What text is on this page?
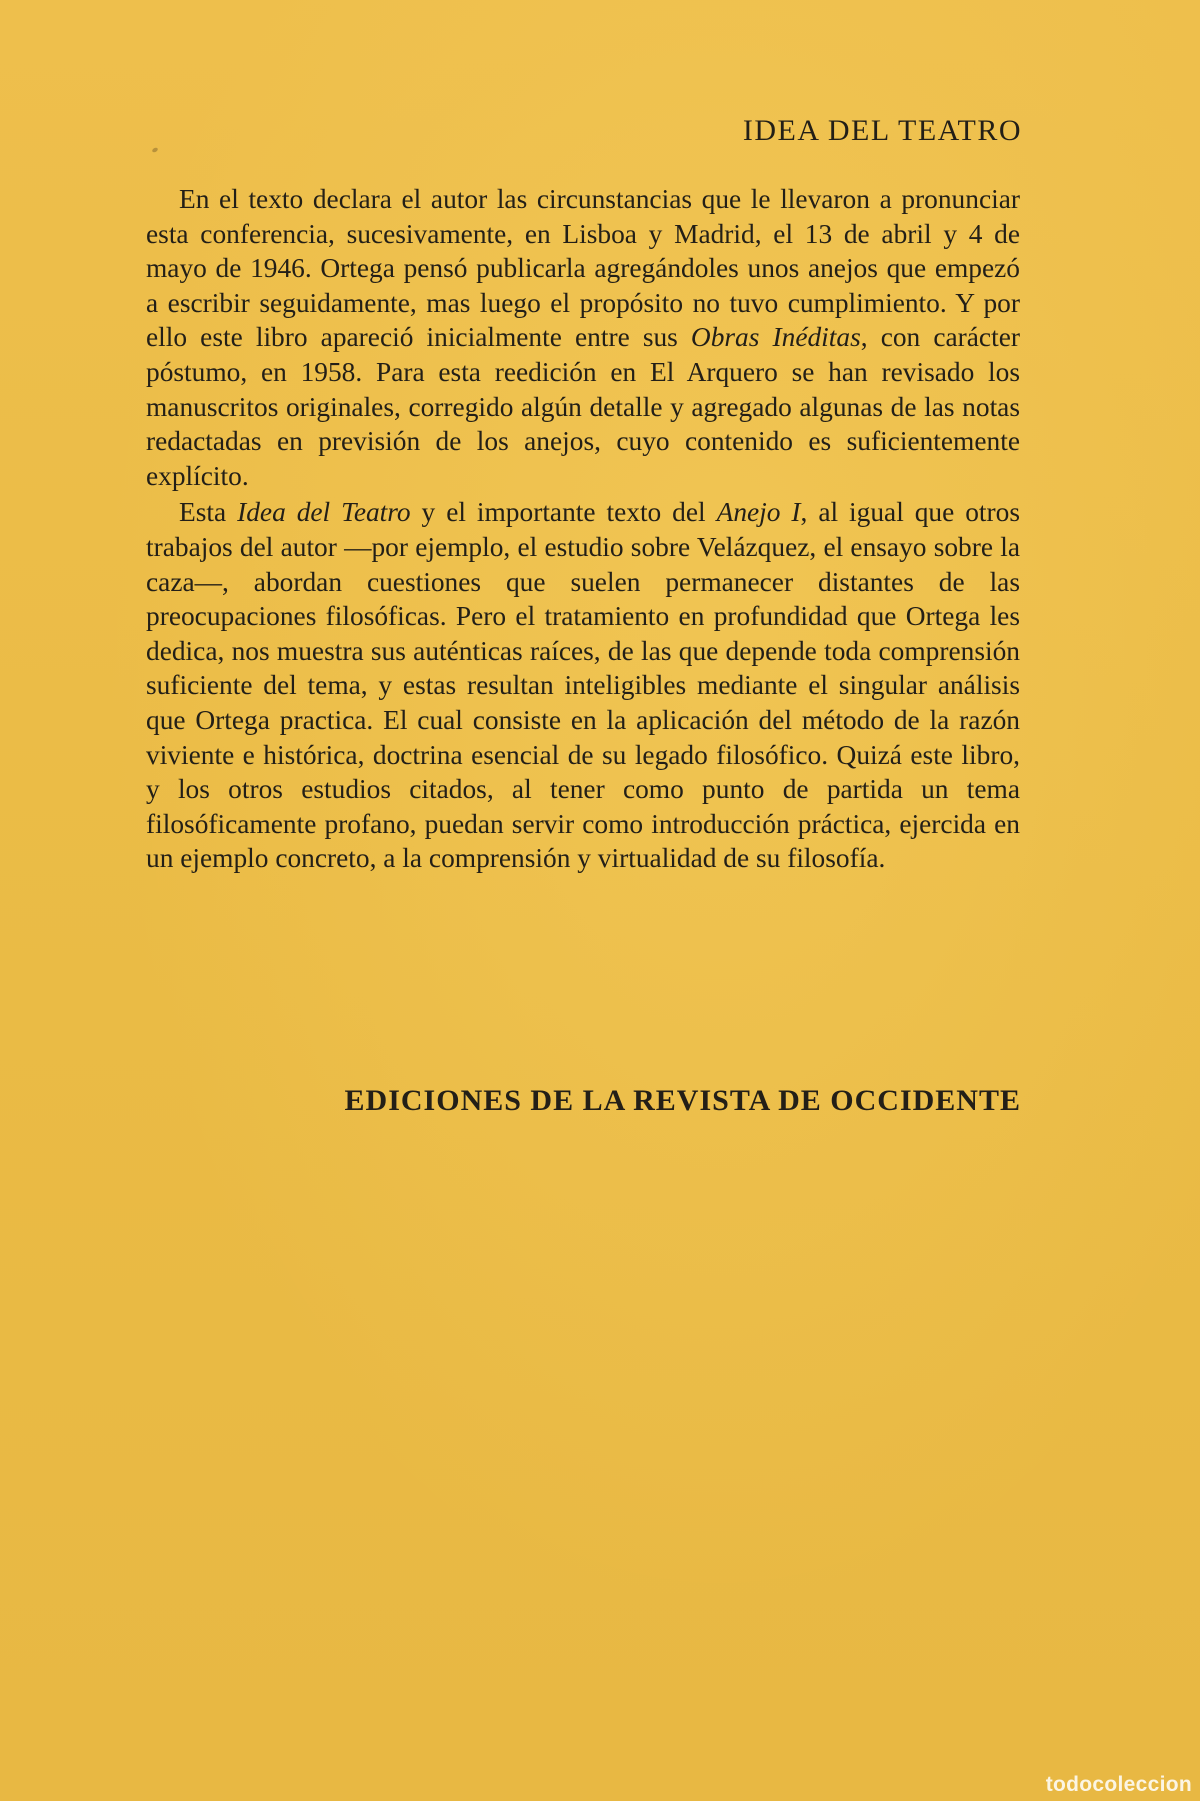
IDEA DEL TEATRO

En el texto declara el autor las circunstancias que le llevaron a pronunciar esta conferencia, sucesivamente, en Lisboa y Madrid, el 13 de abril y 4 de mayo de 1946. Ortega pensó publicarla agregándoles unos anejos que empezó a escribir seguidamente, mas luego el propósito no tuvo cumplimiento. Y por ello este libro apareció inicialmente entre sus Obras Inéditas, con carácter póstumo, en 1958. Para esta reedición en El Arquero se han revisado los manuscritos originales, corregido algún detalle y agregado algunas de las notas redactadas en previsión de los anejos, cuyo contenido es suficientemente explícito.

Esta Idea del Teatro y el importante texto del Anejo I, al igual que otros trabajos del autor —por ejemplo, el estudio sobre Velázquez, el ensayo sobre la caza—, abordan cuestiones que suelen permanecer distantes de las preocupaciones filosóficas. Pero el tratamiento en profundidad que Ortega les dedica, nos muestra sus auténticas raíces, de las que depende toda comprensión suficiente del tema, y estas resultan inteligibles mediante el singular análisis que Ortega practica. El cual consiste en la aplicación del método de la razón viviente e histórica, doctrina esencial de su legado filosófico. Quizá este libro, y los otros estudios citados, al tener como punto de partida un tema filosóficamente profano, puedan servir como introducción práctica, ejercida en un ejemplo concreto, a la comprensión y virtualidad de su filosofía.

EDICIONES DE LA REVISTA DE OCCIDENTE
todocoleccion
